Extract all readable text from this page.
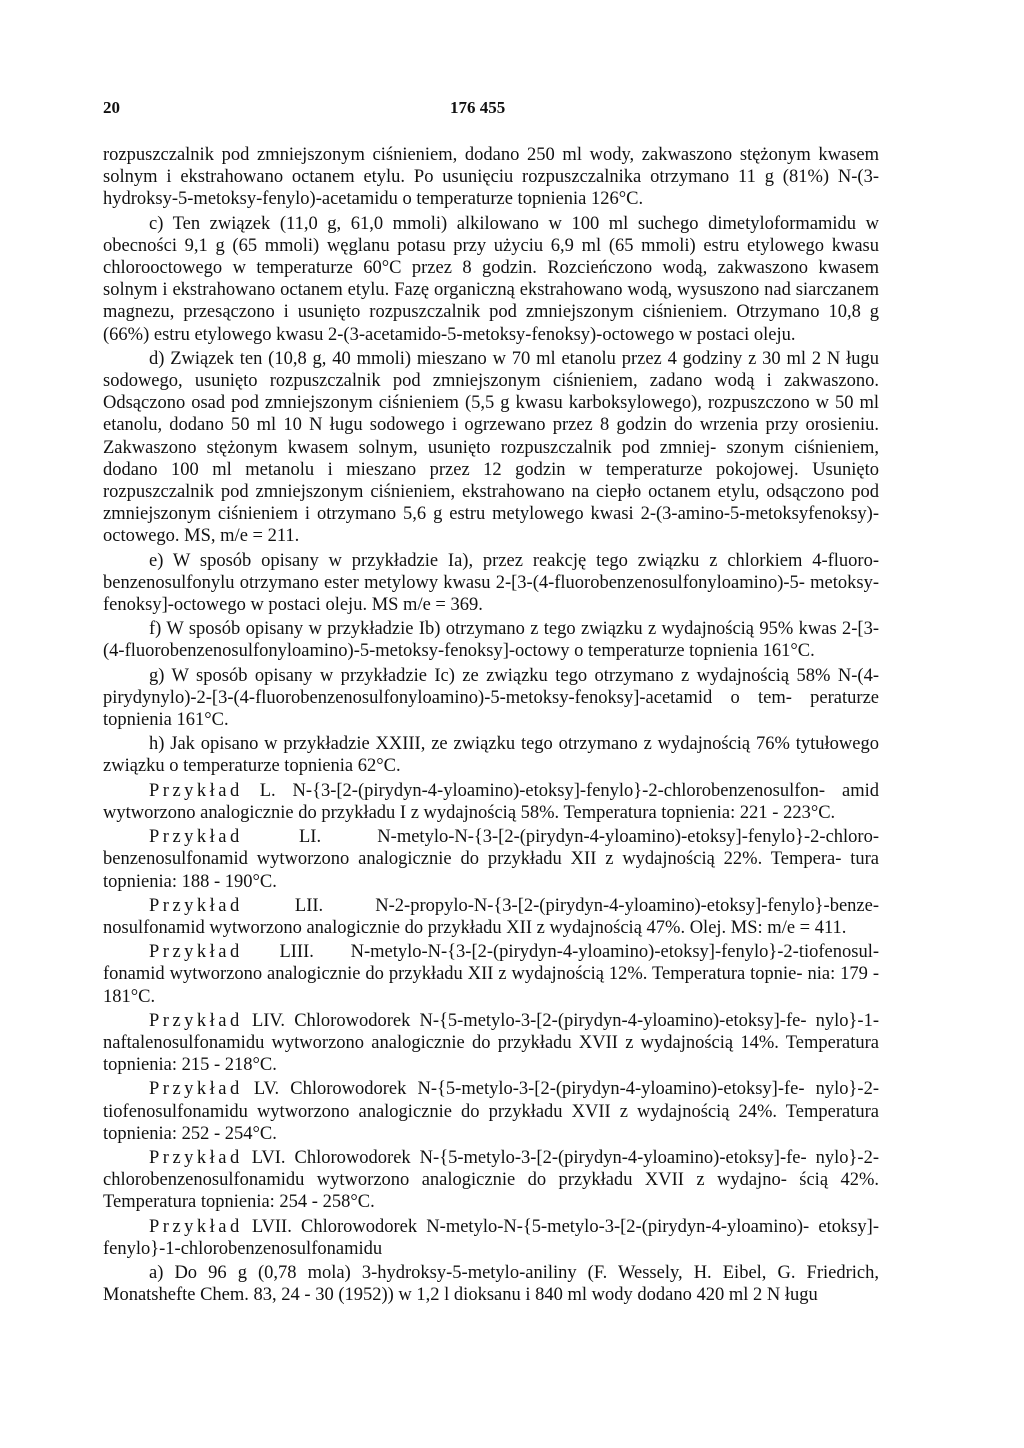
20	176 455

rozpuszczalnik pod zmniejszonym ciśnieniem, dodano 250 ml wody, zakwaszono stężonym kwasem solnym i ekstrahowano octanem etylu. Po usunięciu rozpuszczalnika otrzymano 11 g (81%) N-(3-hydroksy-5-metoksy-fenylo)-acetamidu o temperaturze topnienia 126°C.

c) Ten związek (11,0 g, 61,0 mmoli) alkilowano w 100 ml suchego dimetyloformamidu w obecności 9,1 g (65 mmoli) węglanu potasu przy użyciu 6,9 ml (65 mmoli) estru etylowego kwasu chlorooctowego w temperaturze 60°C przez 8 godzin. Rozcieńczono wodą, zakwaszono kwasem solnym i ekstrahowano octanem etylu. Fazę organiczną ekstrahowano wodą, wysuszono nad siarczanem magnezu, przesączono i usunięto rozpuszczalnik pod zmniejszonym ciśnieniem. Otrzymano 10,8 g (66%) estru etylowego kwasu 2-(3-acetamido-5-metoksy-fenoksy)-octowego w postaci oleju.

d) Związek ten (10,8 g, 40 mmoli) mieszano w 70 ml etanolu przez 4 godziny z 30 ml 2 N ługu sodowego, usunięto rozpuszczalnik pod zmniejszonym ciśnieniem, zadano wodą i zakwaszono. Odsączono osad pod zmniejszonym ciśnieniem (5,5 g kwasu karboksylowego), rozpuszczono w 50 ml etanolu, dodano 50 ml 10 N ługu sodowego i ogrzewano przez 8 godzin do wrzenia przy orosieniu. Zakwaszono stężonym kwasem solnym, usunięto rozpuszczalnik pod zmniej- szonym ciśnieniem, dodano 100 ml metanolu i mieszano przez 12 godzin w temperaturze pokojowej. Usunięto rozpuszczalnik pod zmniejszonym ciśnieniem, ekstrahowano na ciepło octanem etylu, odsączono pod zmniejszonym ciśnieniem i otrzymano 5,6 g estru metylowego kwasi 2-(3-amino-5-metoksyfenoksy)-octowego. MS, m/e = 211.

e) W sposób opisany w przykładzie Ia), przez reakcję tego związku z chlorkiem 4-fluoro- benzenosulfonylu otrzymano ester metylowy kwasu 2-[3-(4-fluorobenzenosulfonyloamino)-5- metoksy-fenoksy]-octowego w postaci oleju. MS m/e = 369.

f) W sposób opisany w przykładzie Ib) otrzymano z tego związku z wydajnością 95% kwas 2-[3-(4-fluorobenzenosulfonyloamino)-5-metoksy-fenoksy]-octowy o temperaturze topnienia 161°C.

g) W sposób opisany w przykładzie Ic) ze związku tego otrzymano z wydajnością 58% N-(4-pirydynylo)-2-[3-(4-fluorobenzenosulfonyloamino)-5-metoksy-fenoksy]-acetamid o tem- peraturze topnienia 161°C.

h) Jak opisano w przykładzie XXIII, ze związku tego otrzymano z wydajnością 76% tytułowego związku o temperaturze topnienia 62°C.

Przykład L. N-{3-[2-(pirydyn-4-yloamino)-etoksy]-fenylo}-2-chlorobenzenosulfon- amid wytworzono analogicznie do przykładu I z wydajnością 58%. Temperatura topnienia: 221 - 223°C.

Przykład LI. N-metylo-N-{3-[2-(pirydyn-4-yloamino)-etoksy]-fenylo}-2-chloro- benzenosulfonamid wytworzono analogicznie do przykładu XII z wydajnością 22%. Tempera- tura topnienia: 188 - 190°C.

Przykład LII. N-2-propylo-N-{3-[2-(pirydyn-4-yloamino)-etoksy]-fenylo}-benze- nosulfonamid wytworzono analogicznie do przykładu XII z wydajnością 47%. Olej. MS: m/e = 411.

Przykład LIII. N-metylo-N-{3-[2-(pirydyn-4-yloamino)-etoksy]-fenylo}-2-tiofenosul- fonamid wytworzono analogicznie do przykładu XII z wydajnością 12%. Temperatura topnie- nia: 179 - 181°C.

Przykład LIV. Chlorowodorek N-{5-metylo-3-[2-(pirydyn-4-yloamino)-etoksy]-fe- nylo}-1-naftalenosulfonamidu wytworzono analogicznie do przykładu XVII z wydajnością 14%. Temperatura topnienia: 215 - 218°C.

Przykład LV. Chlorowodorek N-{5-metylo-3-[2-(pirydyn-4-yloamino)-etoksy]-fe- nylo}-2-tiofenosulfonamidu wytworzono analogicznie do przykładu XVII z wydajnością 24%. Temperatura topnienia: 252 - 254°C.

Przykład LVI. Chlorowodorek N-{5-metylo-3-[2-(pirydyn-4-yloamino)-etoksy]-fe- nylo}-2-chlorobenzenosulfonamidu wytworzono analogicznie do przykładu XVII z wydajno- ścią 42%. Temperatura topnienia: 254 - 258°C.

Przykład LVII. Chlorowodorek N-metylo-N-{5-metylo-3-[2-(pirydyn-4-yloamino)- etoksy]-fenylo}-1-chlorobenzenosulfonamidu

a) Do 96 g (0,78 mola) 3-hydroksy-5-metylo-aniliny (F. Wessely, H. Eibel, G. Friedrich, Monatshefte Chem. 83, 24 - 30 (1952)) w 1,2 l dioksanu i 840 ml wody dodano 420 ml 2 N ługu
